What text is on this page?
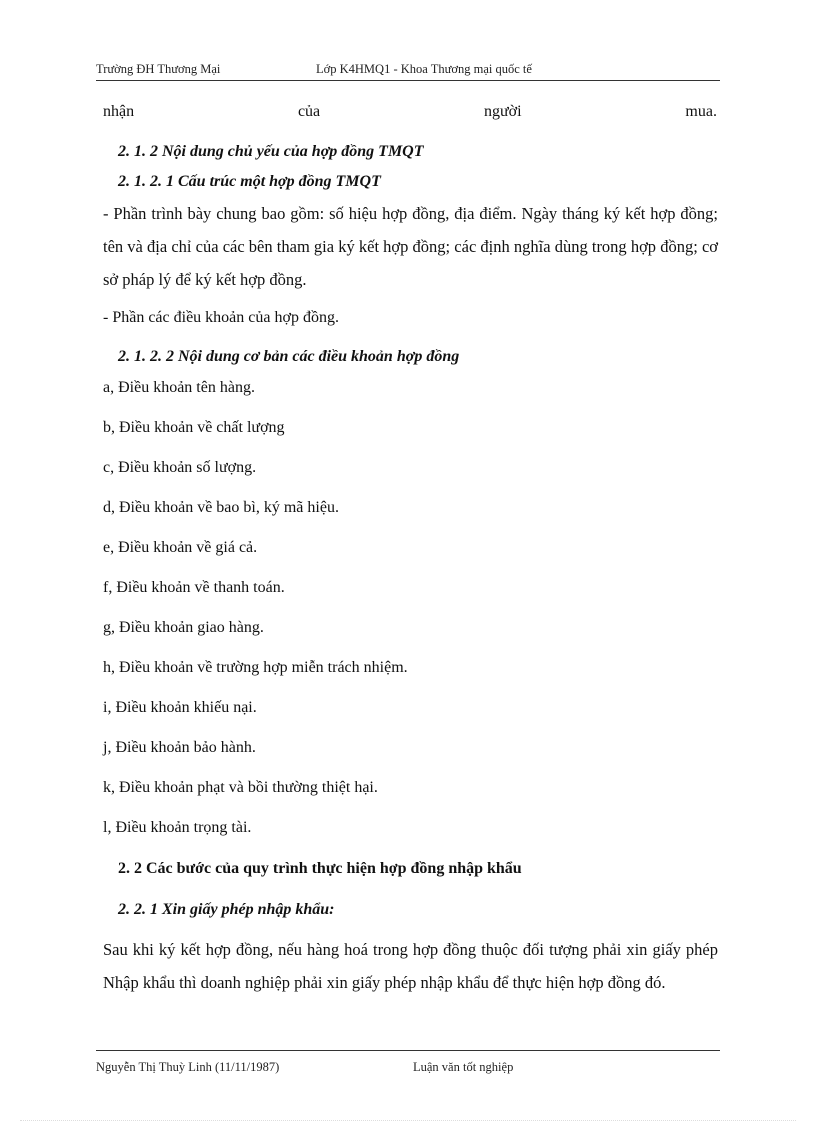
Trường ĐH Thương Mại	Lớp K4HMQ1 - Khoa Thương mại quốc tế
nhận	của	người	mua.
2. 1. 2 Nội dung chủ yếu của hợp đồng TMQT
2. 1. 2. 1 Cấu trúc một hợp đồng TMQT
- Phần trình bày chung bao gồm: số hiệu hợp đồng, địa điểm. Ngày tháng ký kết hợp đồng; tên và địa chỉ của các bên tham gia ký kết hợp đồng; các định nghĩa dùng trong hợp đồng; cơ sở pháp lý để ký kết hợp đồng.
- Phần các điều khoản của hợp đồng.
2. 1. 2. 2 Nội dung cơ bản các điều khoản hợp đồng
a, Điều khoản tên hàng.
b, Điều khoản về chất lượng
c, Điều khoản số lượng.
d, Điều khoản về bao bì, ký mã hiệu.
e, Điều khoản về giá cả.
f, Điều khoản về thanh toán.
g, Điều khoản giao hàng.
h, Điều khoản về trường hợp miễn trách nhiệm.
i, Điều khoản khiếu nại.
j, Điều khoản bảo hành.
k, Điều khoản phạt và bồi thường thiệt hại.
l, Điều khoản trọng tài.
2. 2 Các bước của quy trình thực hiện hợp đồng nhập khẩu
2. 2. 1 Xin giấy phép nhập khẩu:
Sau khi ký kết hợp đồng, nếu hàng hoá trong hợp đồng thuộc đối tượng phải xin giấy phép Nhập khẩu thì doanh nghiệp phải xin giấy phép nhập khẩu để thực hiện hợp đồng đó.
Nguyễn Thị Thuỳ Linh (11/11/1987)	Luận văn tốt nghiệp
